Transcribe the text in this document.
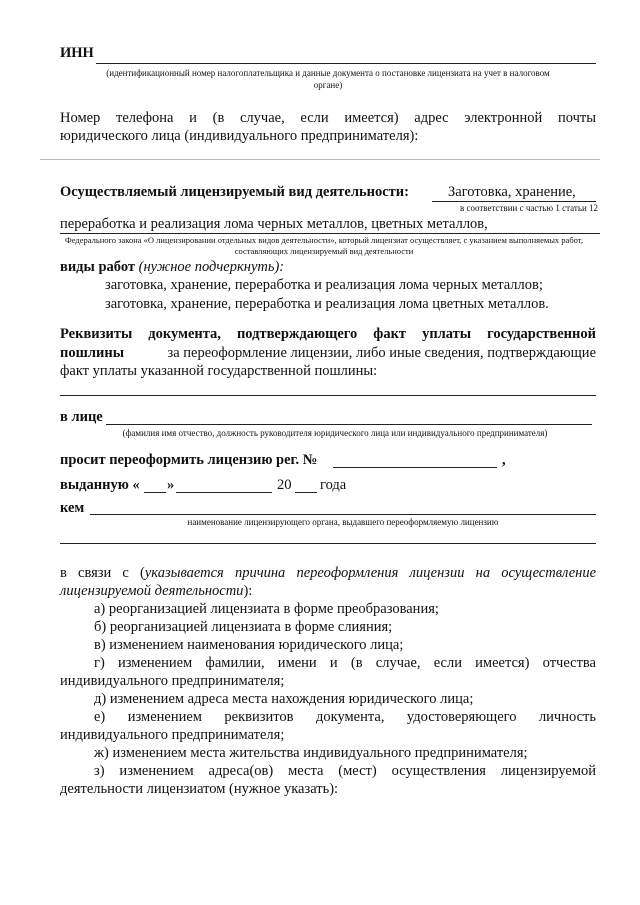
ИНН
(идентификационный номер налогоплательщика и данные документа о постановке лицензиата на учет в налоговом
органе)
Номер телефона и (в случае, если имеется) адрес электронной почты
юридического лица (индивидуального предпринимателя):
Осуществляемый лицензируемый вид деятельности:	Заготовка, хранение,
в соответствии с частью 1 статьи 12
переработка и реализация лома черных металлов, цветных металлов,
Федерального закона «О лицензировании отдельных видов деятельности», который лицензиат осуществляет, с указанием выполняемых работ,
составляющих лицензируемый вид деятельности
виды работ (нужное подчеркнуть):
заготовка, хранение, переработка и реализация лома черных металлов;
заготовка, хранение, переработка и реализация лома цветных металлов.
Реквизиты документа, подтверждающего факт уплаты государственной
пошлины	за переоформление лицензии, либо иные сведения, подтверждающие
факт уплаты указанной государственной пошлины:
в лице
(фамилия имя отчество, должность руководителя юридического лица или индивидуального предпринимателя)
просит переоформить лицензию рег. №	,
выданную « »	20 года
кем
наименование лицензирующего органа, выдавшего переоформляемую лицензию
в связи с (указывается причина переоформления лицензии на осуществление
лицензируемой деятельности):
а) реорганизацией лицензиата в форме преобразования;
б) реорганизацией лицензиата в форме слияния;
в) изменением наименования юридического лица;
г) изменением фамилии, имени и (в случае, если имеется) отчества
индивидуального предпринимателя;
д) изменением адреса места нахождения юридического лица;
е) изменением реквизитов документа, удостоверяющего личность
индивидуального предпринимателя;
ж) изменением места жительства индивидуального предпринимателя;
з) изменением адреса(ов) места (мест) осуществления лицензируемой
деятельности лицензиатом (нужное указать):
